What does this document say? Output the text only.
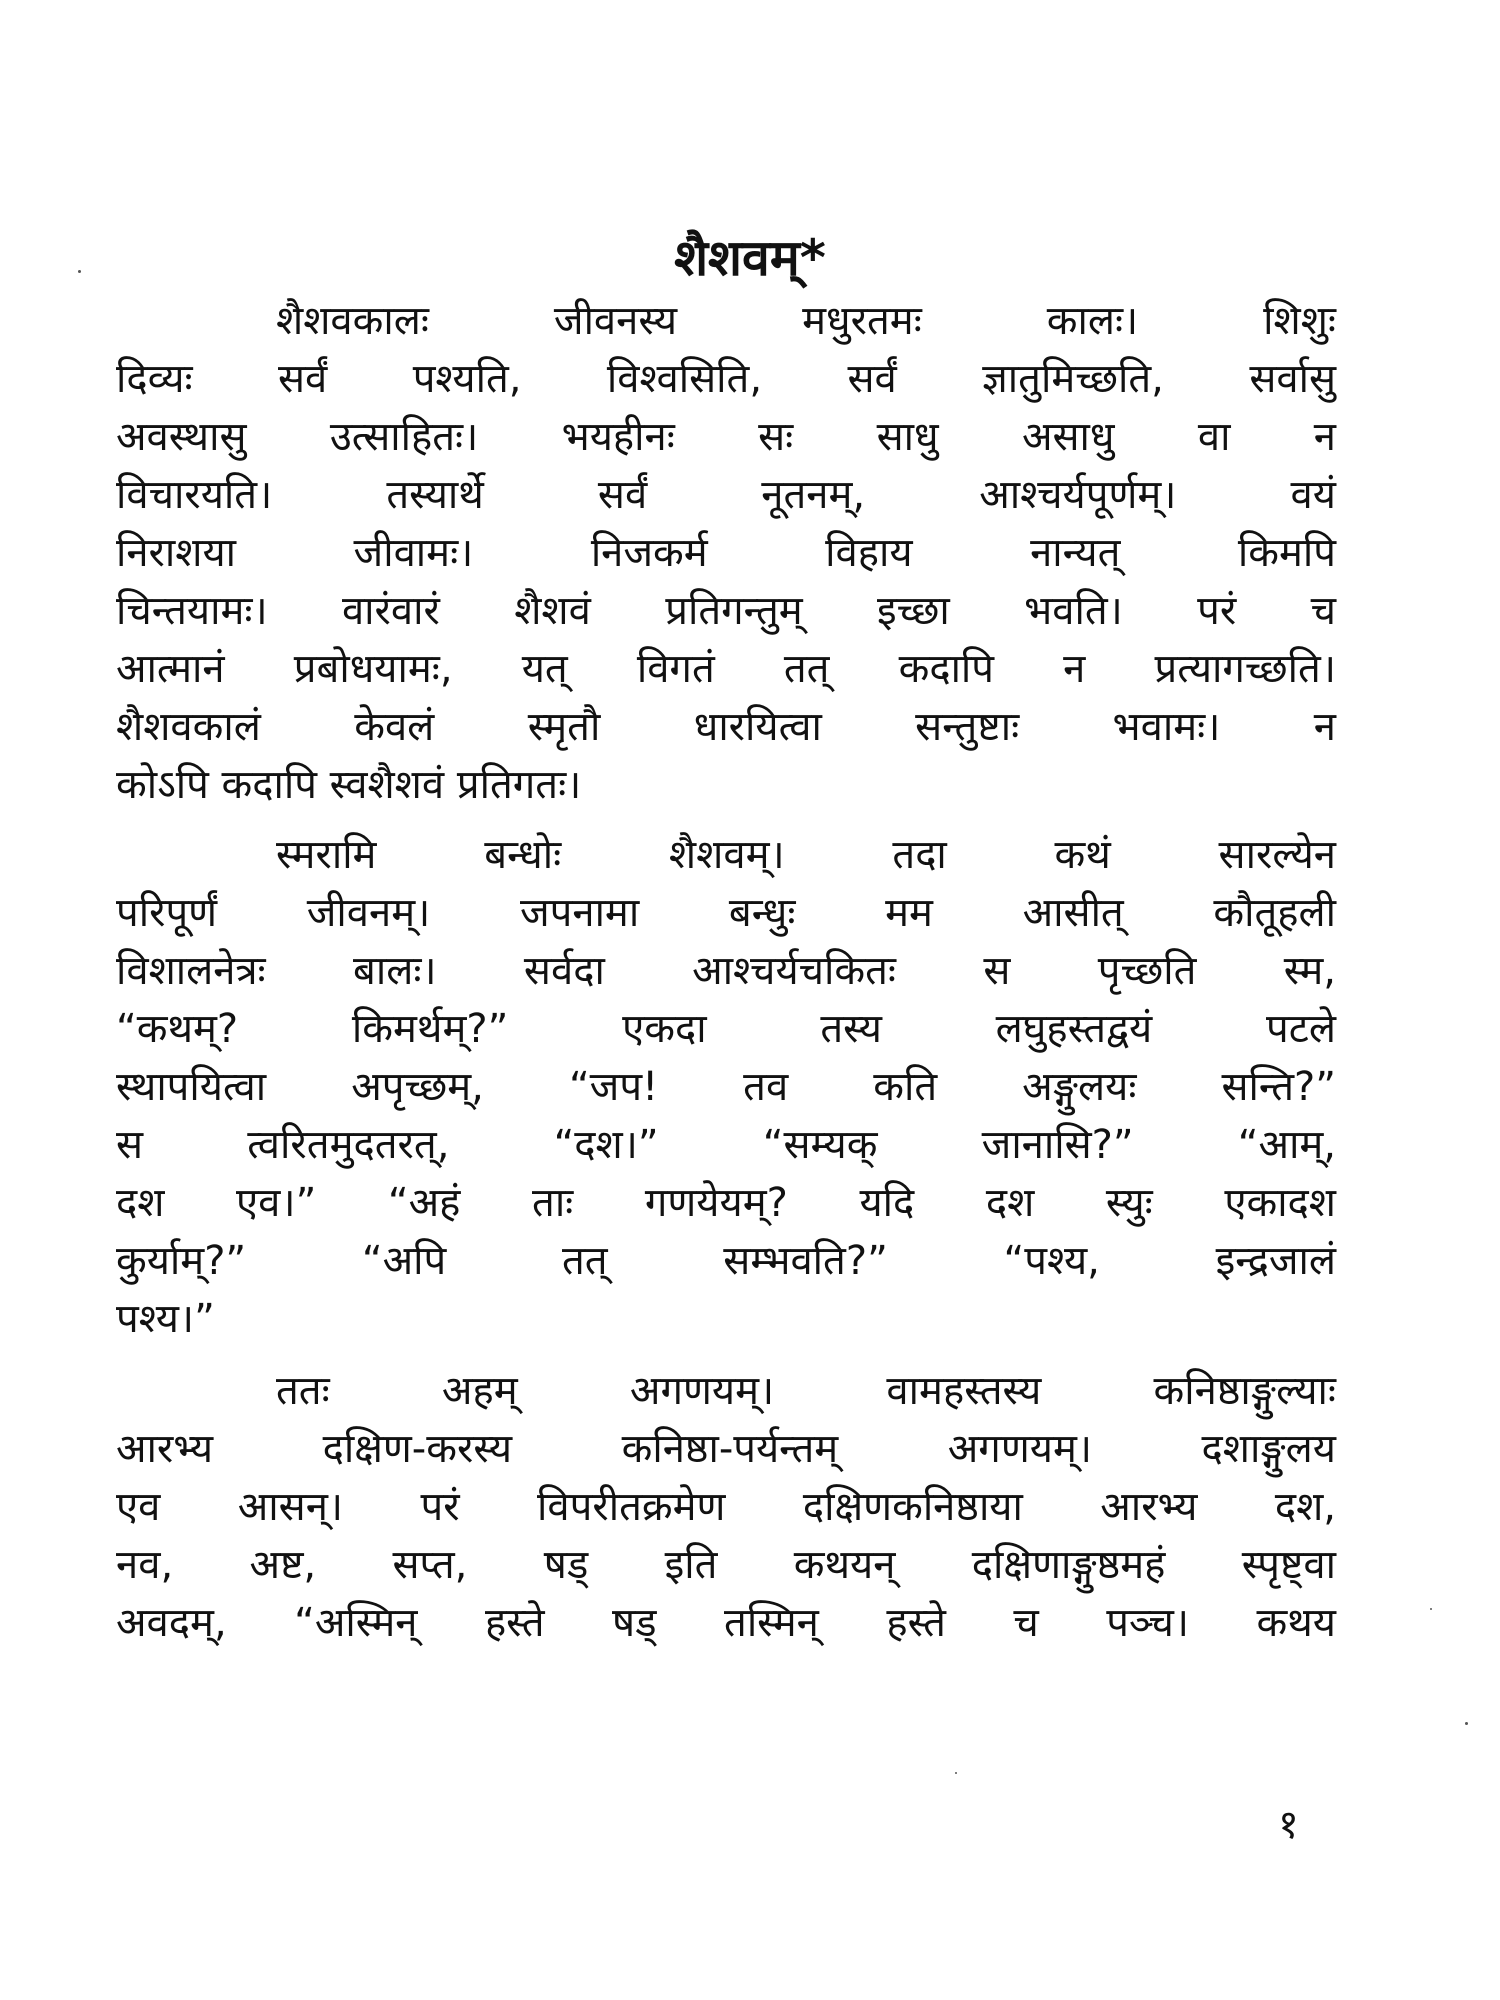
शैशवम्*
शैशवकालः जीवनस्य मधुरतमः कालः। शिशुः
दिव्यः सर्वं पश्यति, विश्वसिति, सर्वं ज्ञातुमिच्छति, सर्वासु
अवस्थासु उत्साहितः। भयहीनः सः साधु असाधु वा न
विचारयति। तस्यार्थे सर्वं नूतनम्, आश्चर्यपूर्णम्। वयं
निराशया जीवामः। निजकर्म विहाय नान्यत् किमपि
चिन्तयामः। वारंवारं शैशवं प्रतिगन्तुम् इच्छा भवति। परं च
आत्मानं प्रबोधयामः, यत् विगतं तत् कदापि न प्रत्यागच्छति।
शैशवकालं केवलं स्मृतौ धारयित्वा सन्तुष्टाः भवामः। न
कोऽपि कदापि स्वशैशवं प्रतिगतः।
स्मरामि बन्धोः शैशवम्। तदा कथं सारल्येन
परिपूर्णं जीवनम्। जपनामा बन्धुः मम आसीत् कौतूहली
विशालनेत्रः बालः। सर्वदा आश्चर्यचकितः स पृच्छति स्म,
“कथम्? किमर्थम्?” एकदा तस्य लघुहस्तद्वयं पटले
स्थापयित्वा अपृच्छम्, “जप! तव कति अङ्गुलयः सन्ति?”
स त्वरितमुदतरत्, “दश।” “सम्यक् जानासि?” “आम्,
दश एव।” “अहं ताः गणयेयम्? यदि दश स्युः एकादश
कुर्याम्?” “अपि तत् सम्भवति?” “पश्य, इन्द्रजालं
पश्य।”
ततः अहम् अगणयम्। वामहस्तस्य कनिष्ठाङ्गुल्याः
आरभ्य दक्षिण-करस्य कनिष्ठा-पर्यन्तम् अगणयम्। दशाङ्गुलय
एव आसन्। परं विपरीतक्रमेण दक्षिणकनिष्ठाया आरभ्य दश,
नव, अष्ट, सप्त, षड् इति कथयन् दक्षिणाङ्गुष्ठमहं स्पृष्ट्वा
अवदम्, “अस्मिन् हस्ते षड् तस्मिन् हस्ते च पञ्च। कथय
१
